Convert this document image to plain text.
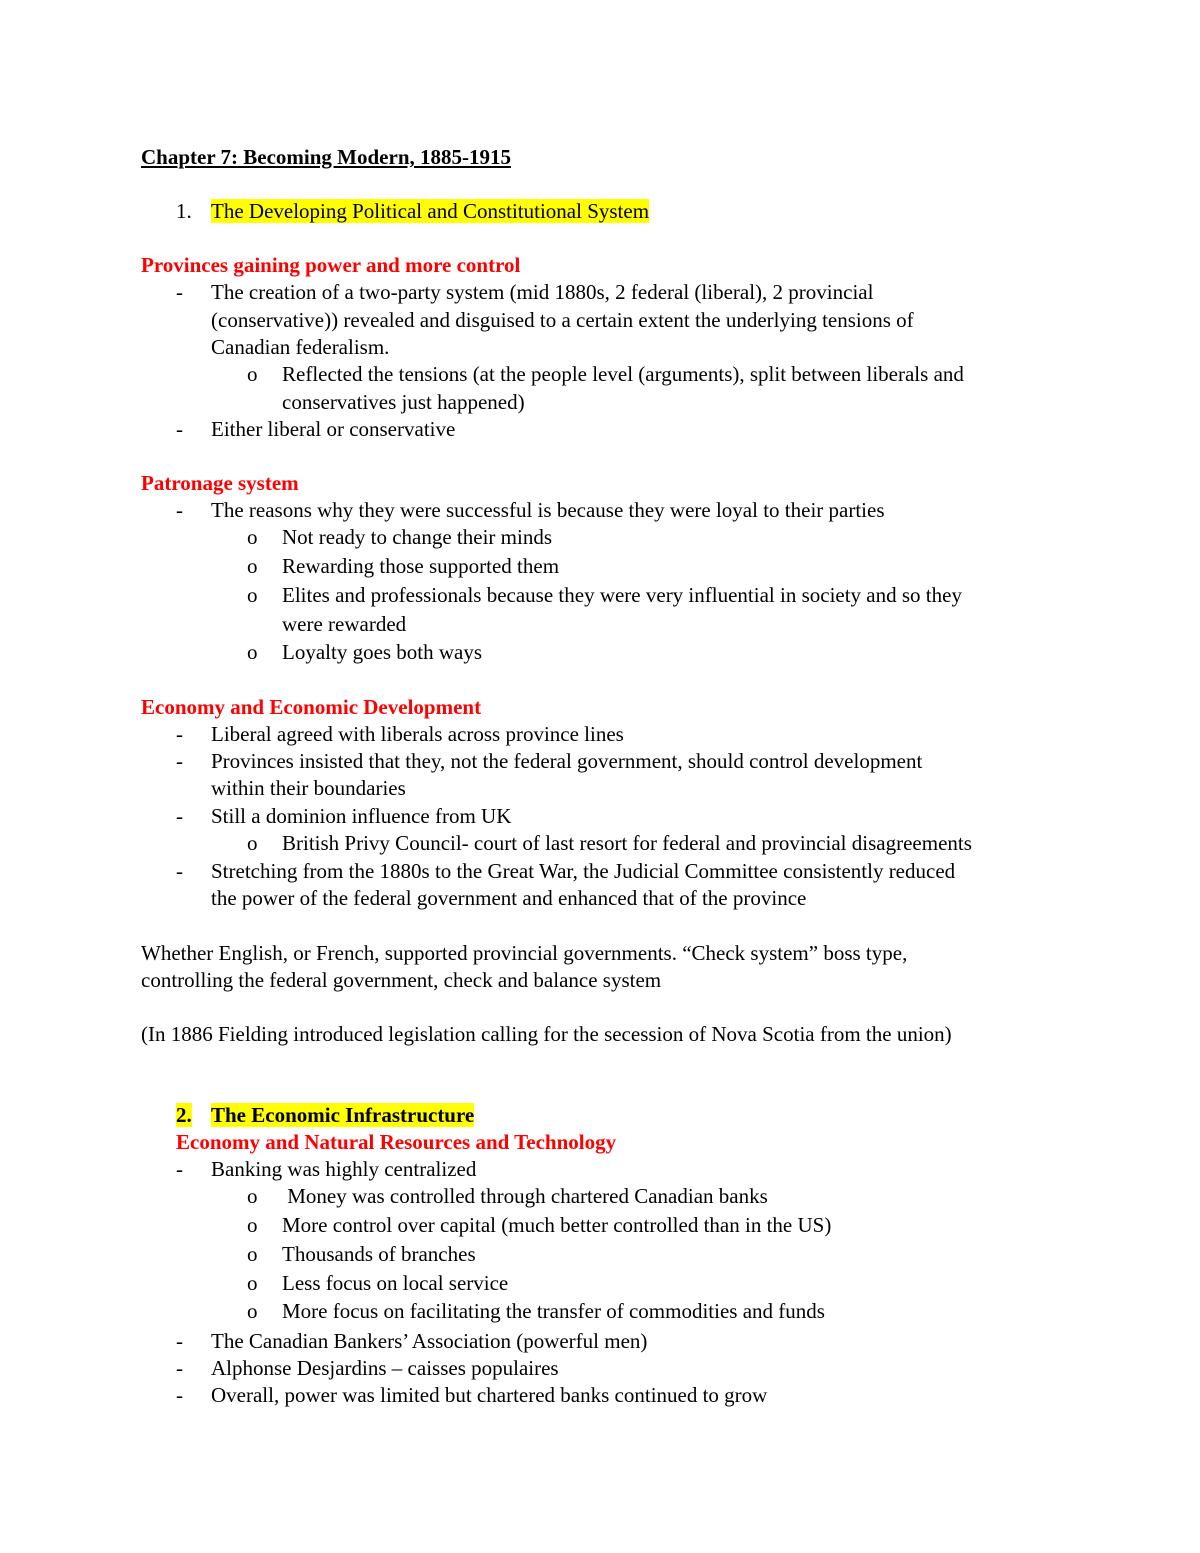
Chapter 7: Becoming Modern, 1885-1915
1. The Developing Political and Constitutional System
Provinces gaining power and more control
- The creation of a two-party system (mid 1880s, 2 federal (liberal), 2 provincial
(conservative)) revealed and disguised to a certain extent the underlying tensions of
Canadian federalism.
o Reflected the tensions (at the people level (arguments), split between liberals and
conservatives just happened)
- Either liberal or conservative
Patronage system
- The reasons why they were successful is because they were loyal to their parties
o Not ready to change their minds
o Rewarding those supported them
o Elites and professionals because they were very influential in society and so they
were rewarded
o Loyalty goes both ways
Economy and Economic Development
- Liberal agreed with liberals across province lines
- Provinces insisted that they, not the federal government, should control development
within their boundaries
- Still a dominion influence from UK
o British Privy Council- court of last resort for federal and provincial disagreements
- Stretching from the 1880s to the Great War, the Judicial Committee consistently reduced
the power of the federal government and enhanced that of the province
Whether English, or French, supported provincial governments. “Check system” boss type,
controlling the federal government, check and balance system
(In 1886 Fielding introduced legislation calling for the secession of Nova Scotia from the union)
2. The Economic Infrastructure
Economy and Natural Resources and Technology
- Banking was highly centralized
o Money was controlled through chartered Canadian banks
o More control over capital (much better controlled than in the US)
o Thousands of branches
o Less focus on local service
o More focus on facilitating the transfer of commodities and funds
- The Canadian Bankers’ Association (powerful men)
- Alphonse Desjardins – caisses populaires
- Overall, power was limited but chartered banks continued to grow
